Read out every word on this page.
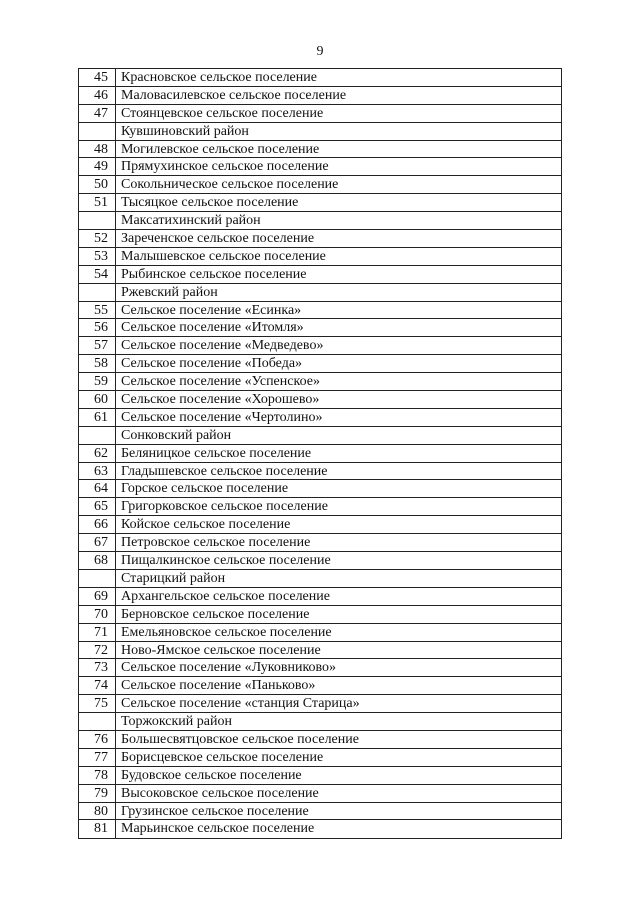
9
45 Красновское сельское поселение
46 Маловасилевское сельское поселение
47 Стоянцевское сельское поселение
Кувшиновский район
48 Могилевское сельское поселение
49 Прямухинское сельское поселение
50 Сокольническое сельское поселение
51 Тысяцкое сельское поселение
Максатихинский район
52 Зареченское сельское поселение
53 Малышевское сельское поселение
54 Рыбинское сельское поселение
Ржевский район
55 Сельское поселение «Есинка»
56 Сельское поселение «Итомля»
57 Сельское поселение «Медведево»
58 Сельское поселение «Победа»
59 Сельское поселение «Успенское»
60 Сельское поселение «Хорошево»
61 Сельское поселение «Чертолино»
Сонковский район
62 Беляницкое сельское поселение
63 Гладышевское сельское поселение
64 Горское сельское поселение
65 Григорковское сельское поселение
66 Койское сельское поселение
67 Петровское сельское поселение
68 Пищалкинское сельское поселение
Старицкий район
69 Архангельское сельское поселение
70 Берновское сельское поселение
71 Емельяновское сельское поселение
72 Ново-Ямское сельское поселение
73 Сельское поселение «Луковниково»
74 Сельское поселение «Паньково»
75 Сельское поселение «станция Старица»
Торжокский район
76 Большесвятцовское сельское поселение
77 Борисцевское сельское поселение
78 Будовское сельское поселение
79 Высоковское сельское поселение
80 Грузинское сельское поселение
81 Марьинское сельское поселение
